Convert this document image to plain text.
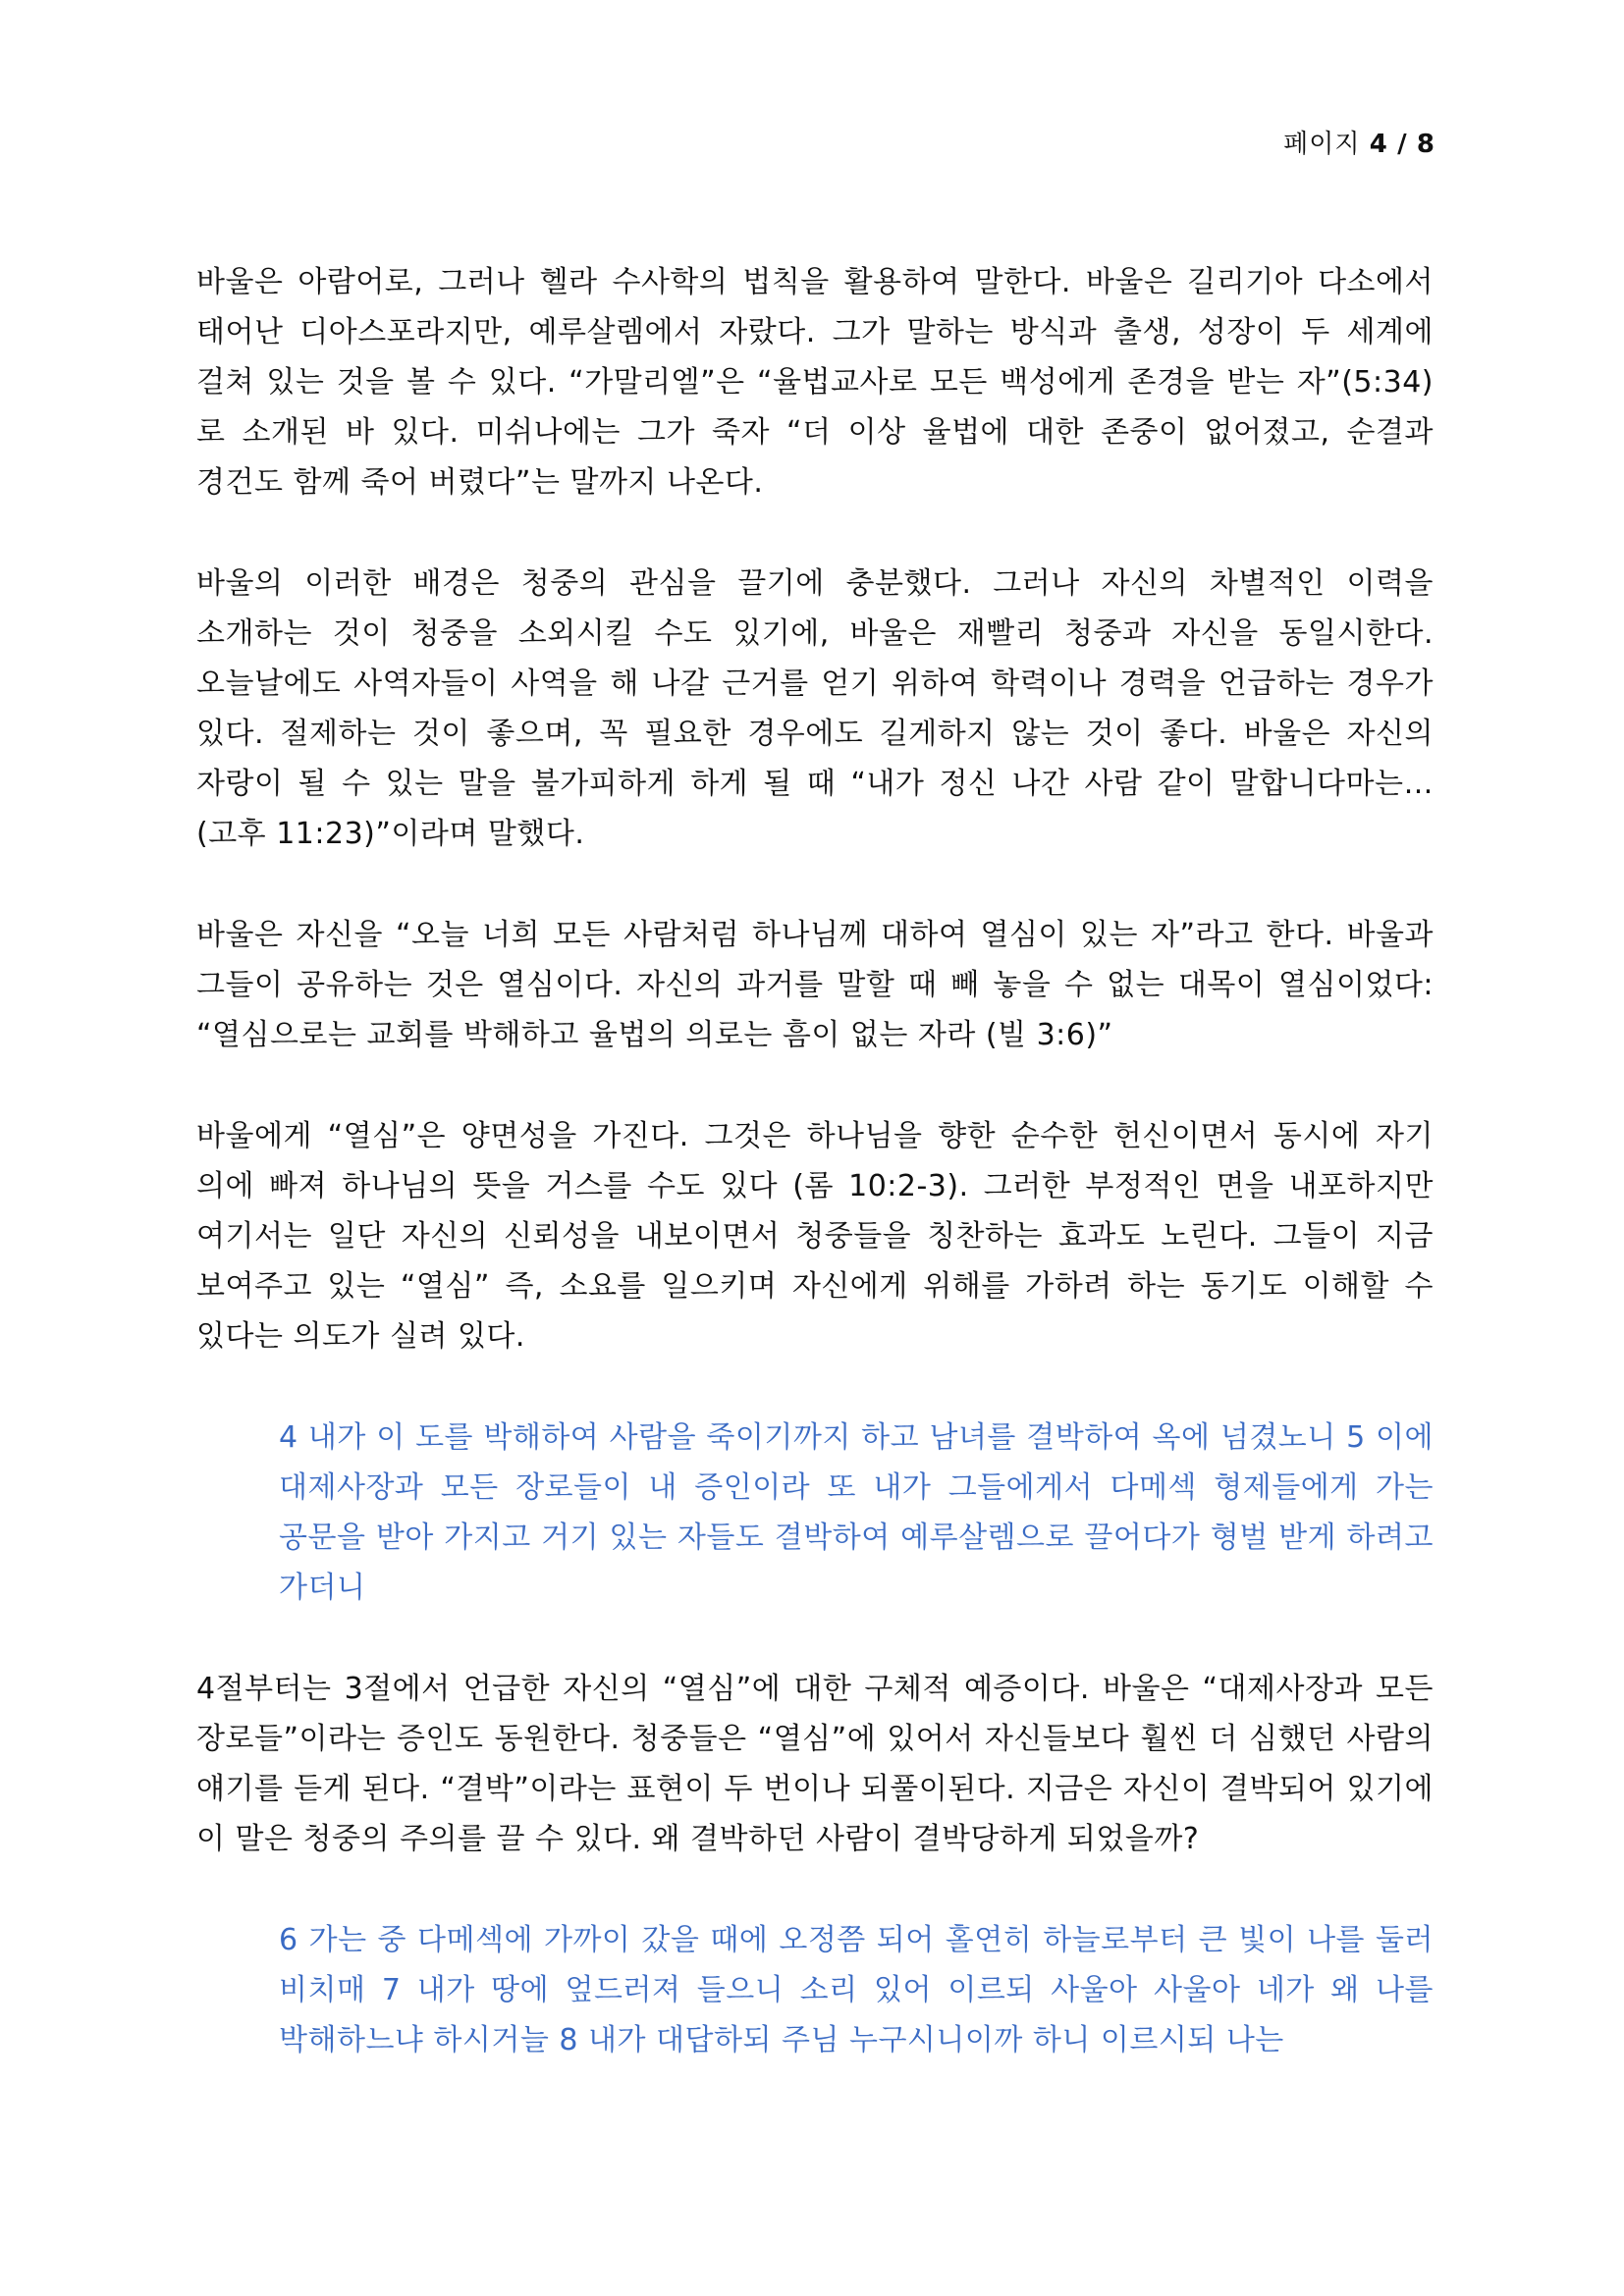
페이지 4 / 8

바울은 아람어로, 그러나 헬라 수사학의 법칙을 활용하여 말한다. 바울은 길리기아 다소에서 태어난 디아스포라지만, 예루살렘에서 자랐다. 그가 말하는 방식과 출생, 성장이 두 세계에 걸쳐 있는 것을 볼 수 있다. “가말리엘”은 “율법교사로 모든 백성에게 존경을 받는 자”(5:34)로 소개된 바 있다. 미쉬나에는 그가 죽자 “더 이상 율법에 대한 존중이 없어졌고, 순결과 경건도 함께 죽어 버렸다”는 말까지 나온다.

바울의 이러한 배경은 청중의 관심을 끌기에 충분했다. 그러나 자신의 차별적인 이력을 소개하는 것이 청중을 소외시킬 수도 있기에, 바울은 재빨리 청중과 자신을 동일시한다. 오늘날에도 사역자들이 사역을 해 나갈 근거를 얻기 위하여 학력이나 경력을 언급하는 경우가 있다. 절제하는 것이 좋으며, 꼭 필요한 경우에도 길게하지 않는 것이 좋다. 바울은 자신의 자랑이 될 수 있는 말을 불가피하게 하게 될 때 “내가 정신 나간 사람 같이 말합니다마는…(고후 11:23)”이라며 말했다.

바울은 자신을 “오늘 너희 모든 사람처럼 하나님께 대하여 열심이 있는 자”라고 한다. 바울과 그들이 공유하는 것은 열심이다. 자신의 과거를 말할 때 빼 놓을 수 없는 대목이 열심이었다: “열심으로는 교회를 박해하고 율법의 의로는 흠이 없는 자라 (빌 3:6)”

바울에게 “열심”은 양면성을 가진다. 그것은 하나님을 향한 순수한 헌신이면서 동시에 자기 의에 빠져 하나님의 뜻을 거스를 수도 있다 (롬 10:2-3). 그러한 부정적인 면을 내포하지만 여기서는 일단 자신의 신뢰성을 내보이면서 청중들을 칭찬하는 효과도 노린다. 그들이 지금 보여주고 있는 “열심” 즉, 소요를 일으키며 자신에게 위해를 가하려 하는 동기도 이해할 수 있다는 의도가 실려 있다.

4 내가 이 도를 박해하여 사람을 죽이기까지 하고 남녀를 결박하여 옥에 넘겼노니 5 이에 대제사장과 모든 장로들이 내 증인이라 또 내가 그들에게서 다메섹 형제들에게 가는 공문을 받아 가지고 거기 있는 자들도 결박하여 예루살렘으로 끌어다가 형벌 받게 하려고 가더니

4절부터는 3절에서 언급한 자신의 “열심”에 대한 구체적 예증이다. 바울은 “대제사장과 모든 장로들”이라는 증인도 동원한다. 청중들은 “열심”에 있어서 자신들보다 훨씬 더 심했던 사람의 얘기를 듣게 된다. “결박”이라는 표현이 두 번이나 되풀이된다. 지금은 자신이 결박되어 있기에 이 말은 청중의 주의를 끌 수 있다. 왜 결박하던 사람이 결박당하게 되었을까?

6 가는 중 다메섹에 가까이 갔을 때에 오정쯤 되어 홀연히 하늘로부터 큰 빛이 나를 둘러 비치매 7 내가 땅에 엎드러져 들으니 소리 있어 이르되 사울아 사울아 네가 왜 나를 박해하느냐 하시거늘 8 내가 대답하되 주님 누구시니이까 하니 이르시되 나는
